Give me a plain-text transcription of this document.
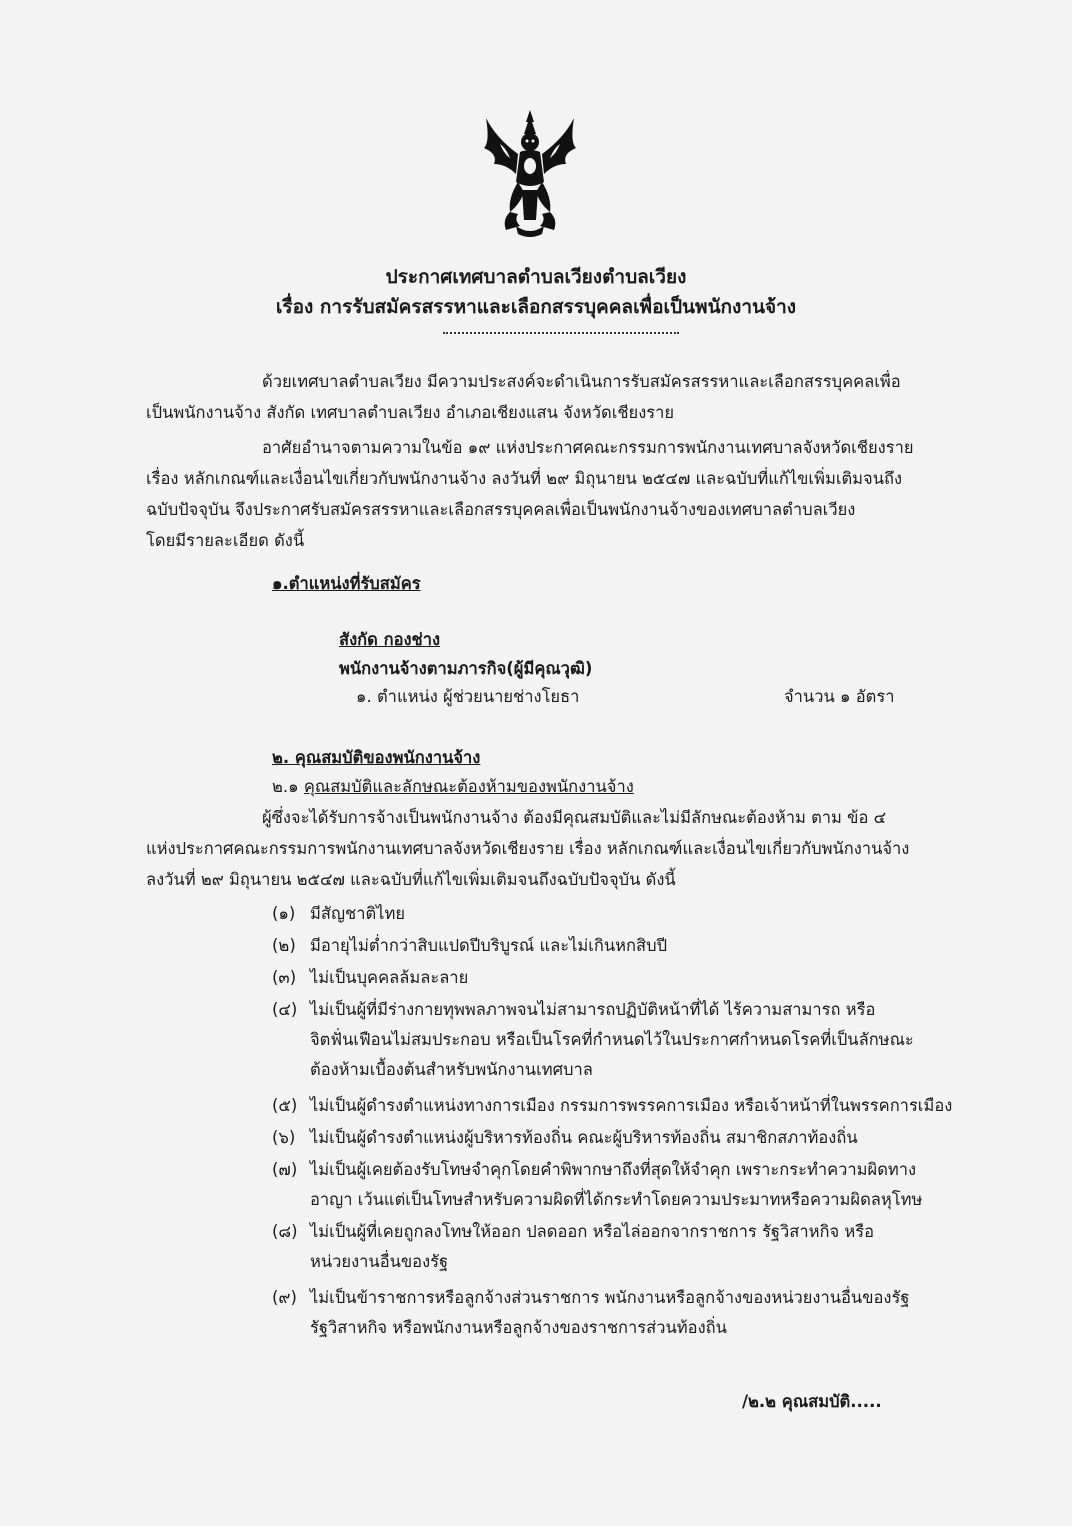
ประกาศเทศบาลตำบลเวียงตำบลเวียง
เรื่อง การรับสมัครสรรหาและเลือกสรรบุคคลเพื่อเป็นพนักงานจ้าง
ด้วยเทศบาลตำบลเวียง มีความประสงค์จะดำเนินการรับสมัครสรรหาและเลือกสรรบุคคลเพื่อ
เป็นพนักงานจ้าง สังกัด เทศบาลตำบลเวียง อำเภอเชียงแสน จังหวัดเชียงราย
อาศัยอำนาจตามความในข้อ ๑๙ แห่งประกาศคณะกรรมการพนักงานเทศบาลจังหวัดเชียงราย
เรื่อง หลักเกณฑ์และเงื่อนไขเกี่ยวกับพนักงานจ้าง ลงวันที่ ๒๙ มิถุนายน ๒๕๔๗ และฉบับที่แก้ไขเพิ่มเติมจนถึง
ฉบับปัจจุบัน จึงประกาศรับสมัครสรรหาและเลือกสรรบุคคลเพื่อเป็นพนักงานจ้างของเทศบาลตำบลเวียง
โดยมีรายละเอียด ดังนี้
๑.ตำแหน่งที่รับสมัคร
สังกัด กองช่าง
พนักงานจ้างตามภารกิจ(ผู้มีคุณวุฒิ)
๑. ตำแหน่ง ผู้ช่วยนายช่างโยธา	จำนวน ๑ อัตรา
๒. คุณสมบัติของพนักงานจ้าง
๒.๑ คุณสมบัติและลักษณะต้องห้ามของพนักงานจ้าง
ผู้ซึ่งจะได้รับการจ้างเป็นพนักงานจ้าง ต้องมีคุณสมบัติและไม่มีลักษณะต้องห้าม ตาม ข้อ ๔
แห่งประกาศคณะกรรมการพนักงานเทศบาลจังหวัดเชียงราย เรื่อง หลักเกณฑ์และเงื่อนไขเกี่ยวกับพนักงานจ้าง
ลงวันที่ ๒๙ มิถุนายน ๒๕๔๗ และฉบับที่แก้ไขเพิ่มเติมจนถึงฉบับปัจจุบัน ดังนี้
(๑) มีสัญชาติไทย
(๒) มีอายุไม่ต่ำกว่าสิบแปดปีบริบูรณ์ และไม่เกินหกสิบปี
(๓) ไม่เป็นบุคคลล้มละลาย
(๔) ไม่เป็นผู้ที่มีร่างกายทุพพลภาพจนไม่สามารถปฏิบัติหน้าที่ได้ ไร้ความสามารถ หรือ
จิตฟั่นเฟือนไม่สมประกอบ หรือเป็นโรคที่กำหนดไว้ในประกาศกำหนดโรคที่เป็นลักษณะ
ต้องห้ามเบื้องต้นสำหรับพนักงานเทศบาล
(๕) ไม่เป็นผู้ดำรงตำแหน่งทางการเมือง กรรมการพรรคการเมือง หรือเจ้าหน้าที่ในพรรคการเมือง
(๖) ไม่เป็นผู้ดำรงตำแหน่งผู้บริหารท้องถิ่น คณะผู้บริหารท้องถิ่น สมาชิกสภาท้องถิ่น
(๗) ไม่เป็นผู้เคยต้องรับโทษจำคุกโดยคำพิพากษาถึงที่สุดให้จำคุก เพราะกระทำความผิดทาง
อาญา เว้นแต่เป็นโทษสำหรับความผิดที่ได้กระทำโดยความประมาทหรือความผิดลหุโทษ
(๘) ไม่เป็นผู้ที่เคยถูกลงโทษให้ออก ปลดออก หรือไล่ออกจากราชการ รัฐวิสาหกิจ หรือ
หน่วยงานอื่นของรัฐ
(๙) ไม่เป็นข้าราชการหรือลูกจ้างส่วนราชการ พนักงานหรือลูกจ้างของหน่วยงานอื่นของรัฐ
รัฐวิสาหกิจ หรือพนักงานหรือลูกจ้างของราชการส่วนท้องถิ่น
/๒.๒ คุณสมบัติ.....
